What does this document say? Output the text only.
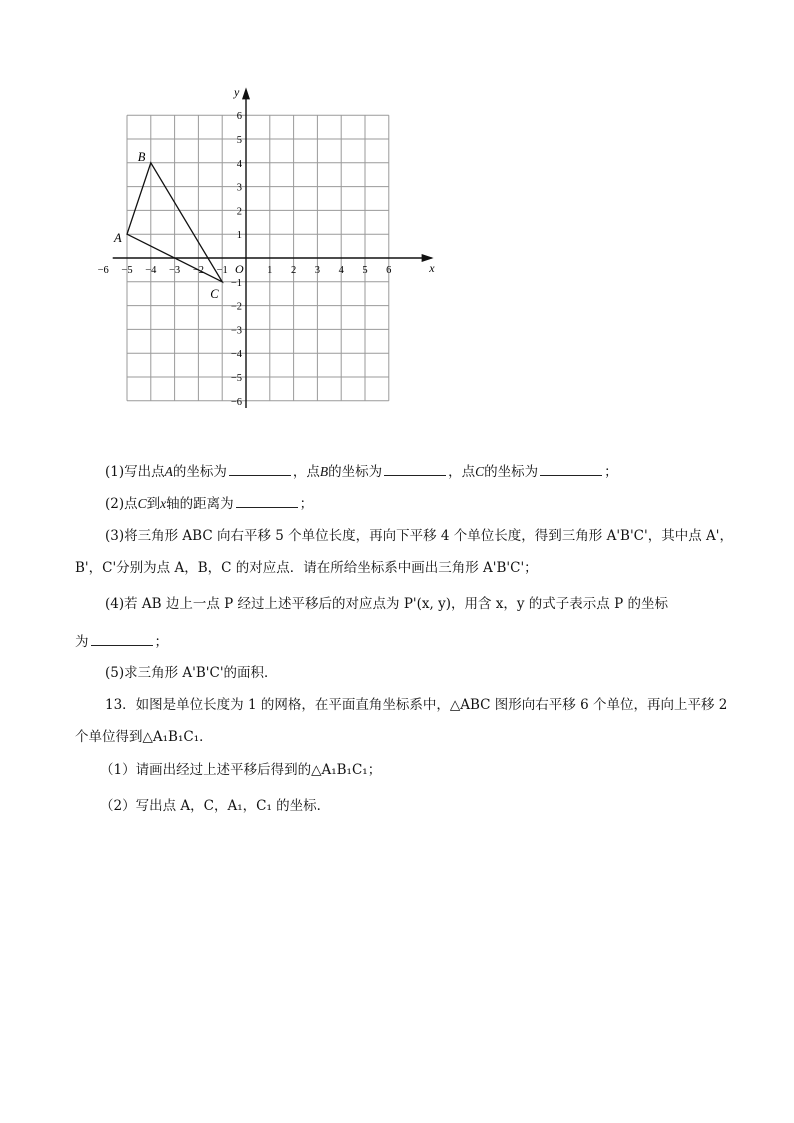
x
y
O
−6 −5 −4 −3 −2 −1	1 2 3 4 5 6
6
5
4
3
2
1
−1
−2
−3
−4
−5
−6
A
B
C
(1)写出点A的坐标为	，点B的坐标为	，点C的坐标为	；
(2)点C到x轴的距离为	；
(3)将三角形 ABC 向右平移 5 个单位长度，再向下平移 4 个单位长度，得到三角形 A'B'C'，其中点 A'，
B'，C'分别为点 A，B，C 的对应点．请在所给坐标系中画出三角形 A'B'C'；
(4)若 AB 边上一点 P 经过上述平移后的对应点为 P'(x, y)，用含 x，y 的式子表示点 P 的坐标
为	；
(5)求三角形 A'B'C'的面积．
13．如图是单位长度为 1 的网格，在平面直角坐标系中，△ABC 图形向右平移 6 个单位，再向上平移 2
个单位得到△A₁B₁C₁．
（1）请画出经过上述平移后得到的△A₁B₁C₁；
（2）写出点 A，C，A₁，C₁ 的坐标．
